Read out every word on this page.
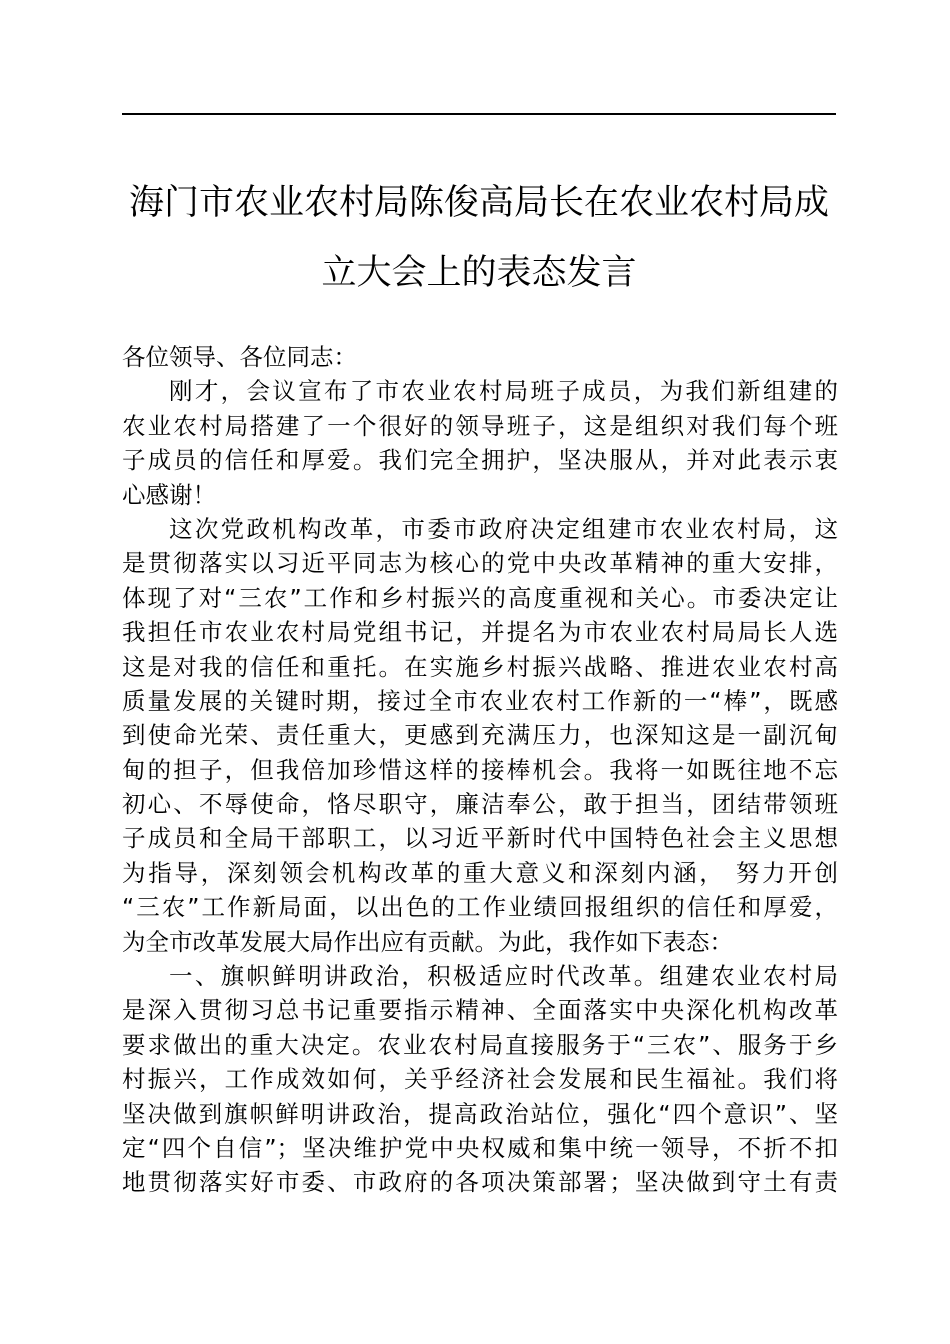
海门市农业农村局陈俊高局长在农业农村局成
立大会上的表态发言
各位领导、各位同志：
刚才，会议宣布了市农业农村局班子成员，为我们新组建的
农业农村局搭建了一个很好的领导班子，这是组织对我们每个班
子成员的信任和厚爱。我们完全拥护，坚决服从，并对此表示衷
心感谢！
这次党政机构改革，市委市政府决定组建市农业农村局，这
是贯彻落实以习近平同志为核心的党中央改革精神的重大安排，
体现了对“三农”工作和乡村振兴的高度重视和关心。市委决定让
我担任市农业农村局党组书记，并提名为市农业农村局局长人选
这是对我的信任和重托。在实施乡村振兴战略、推进农业农村高
质量发展的关键时期，接过全市农业农村工作新的一“棒”，既感
到使命光荣、责任重大，更感到充满压力，也深知这是一副沉甸
甸的担子，但我倍加珍惜这样的接棒机会。我将一如既往地不忘
初心、不辱使命，恪尽职守，廉洁奉公，敢于担当，团结带领班
子成员和全局干部职工，以习近平新时代中国特色社会主义思想
为指导，深刻领会机构改革的重大意义和深刻内涵， 努力开创
“三农”工作新局面，以出色的工作业绩回报组织的信任和厚爱，
为全市改革发展大局作出应有贡献。为此，我作如下表态：
一、旗帜鲜明讲政治，积极适应时代改革。组建农业农村局
是深入贯彻习总书记重要指示精神、全面落实中央深化机构改革
要求做出的重大决定。农业农村局直接服务于“三农”、服务于乡
村振兴，工作成效如何，关乎经济社会发展和民生福祉。我们将
坚决做到旗帜鲜明讲政治，提高政治站位，强化“四个意识”、坚
定“四个自信”；坚决维护党中央权威和集中统一领导，不折不扣
地贯彻落实好市委、市政府的各项决策部署；坚决做到守土有责
